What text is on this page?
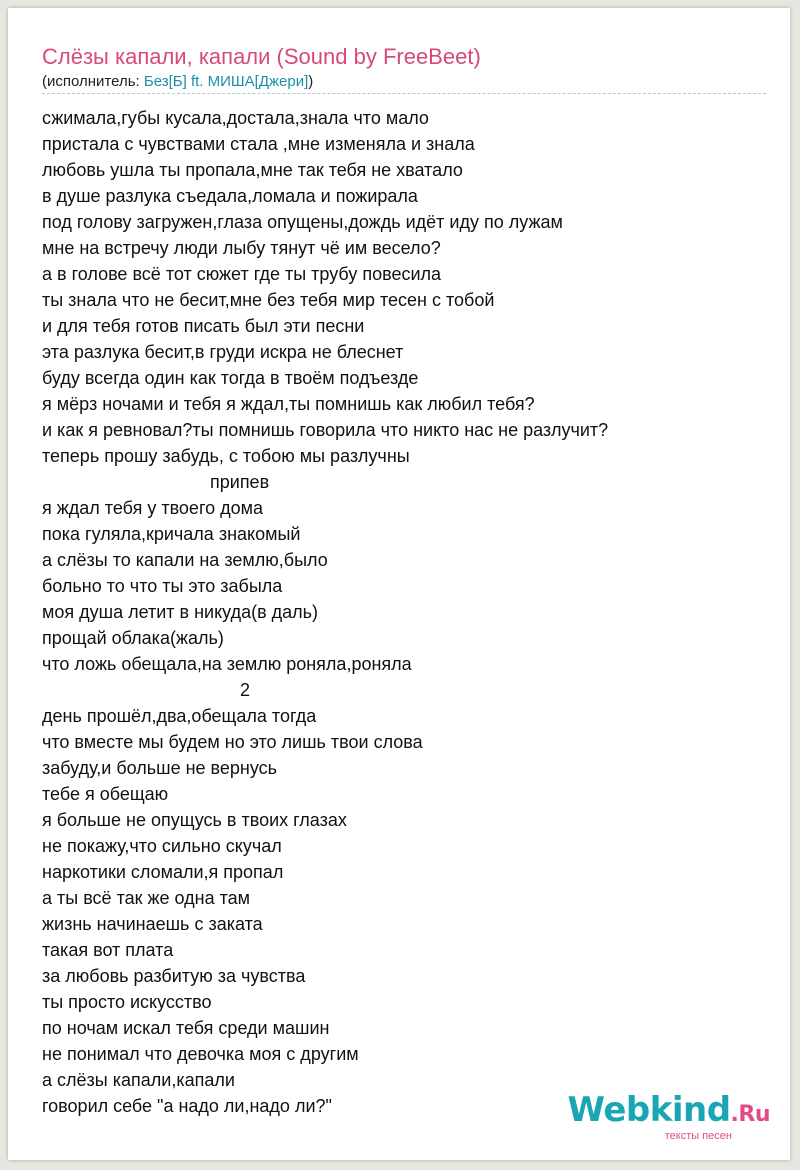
Слёзы капали, капали (Sound by FreeBeet)
(исполнитель: Без[Б] ft. МИША[Джери])
сжимала,губы кусала,достала,знала что мало
пристала с чувствами стала ,мне изменяла и знала
любовь ушла ты пропала,мне так тебя не хватало
в душе разлука съедала,ломала и пожирала
под голову загружен,глаза опущены,дождь идёт иду по лужам
мне на встречу люди лыбу тянут чё им весело?
а в голове всё тот сюжет где ты трубу повесила
ты знала что не бесит,мне без тебя мир тесен с тобой
и для тебя готов писать был эти песни
эта разлука бесит,в груди искра не блеснет
буду всегда один как тогда в твоём подъезде
я мёрз ночами и тебя я ждал,ты помнишь как любил тебя?
и как я ревновал?ты помнишь говорила что никто нас не разлучит?
теперь прошу забудь, с тобою мы разлучны
припев
я ждал тебя у твоего дома
пока гуляла,кричала знакомый
а слёзы то капали на землю,было
больно то что ты это забыла
моя душа летит в никуда(в даль)
прощай облака(жаль)
что ложь обещала,на землю роняла,роняла
2
день прошёл,два,обещала тогда
что вместе мы будем но это лишь твои слова
забуду,и больше не вернусь
тебе я обещаю
я больше не опущусь в твоих глазах
не покажу,что сильно скучал
наркотики сломали,я пропал
а ты всё так же одна там
жизнь начинаешь с заката
такая вот плата
за любовь разбитую за чувства
ты просто искусство
по ночам искал тебя среди машин
не понимал что девочка моя с другим
а слёзы капали,капали
говорил себе "а надо ли,надо ли?"	Webkind.Ru
тексты песен
